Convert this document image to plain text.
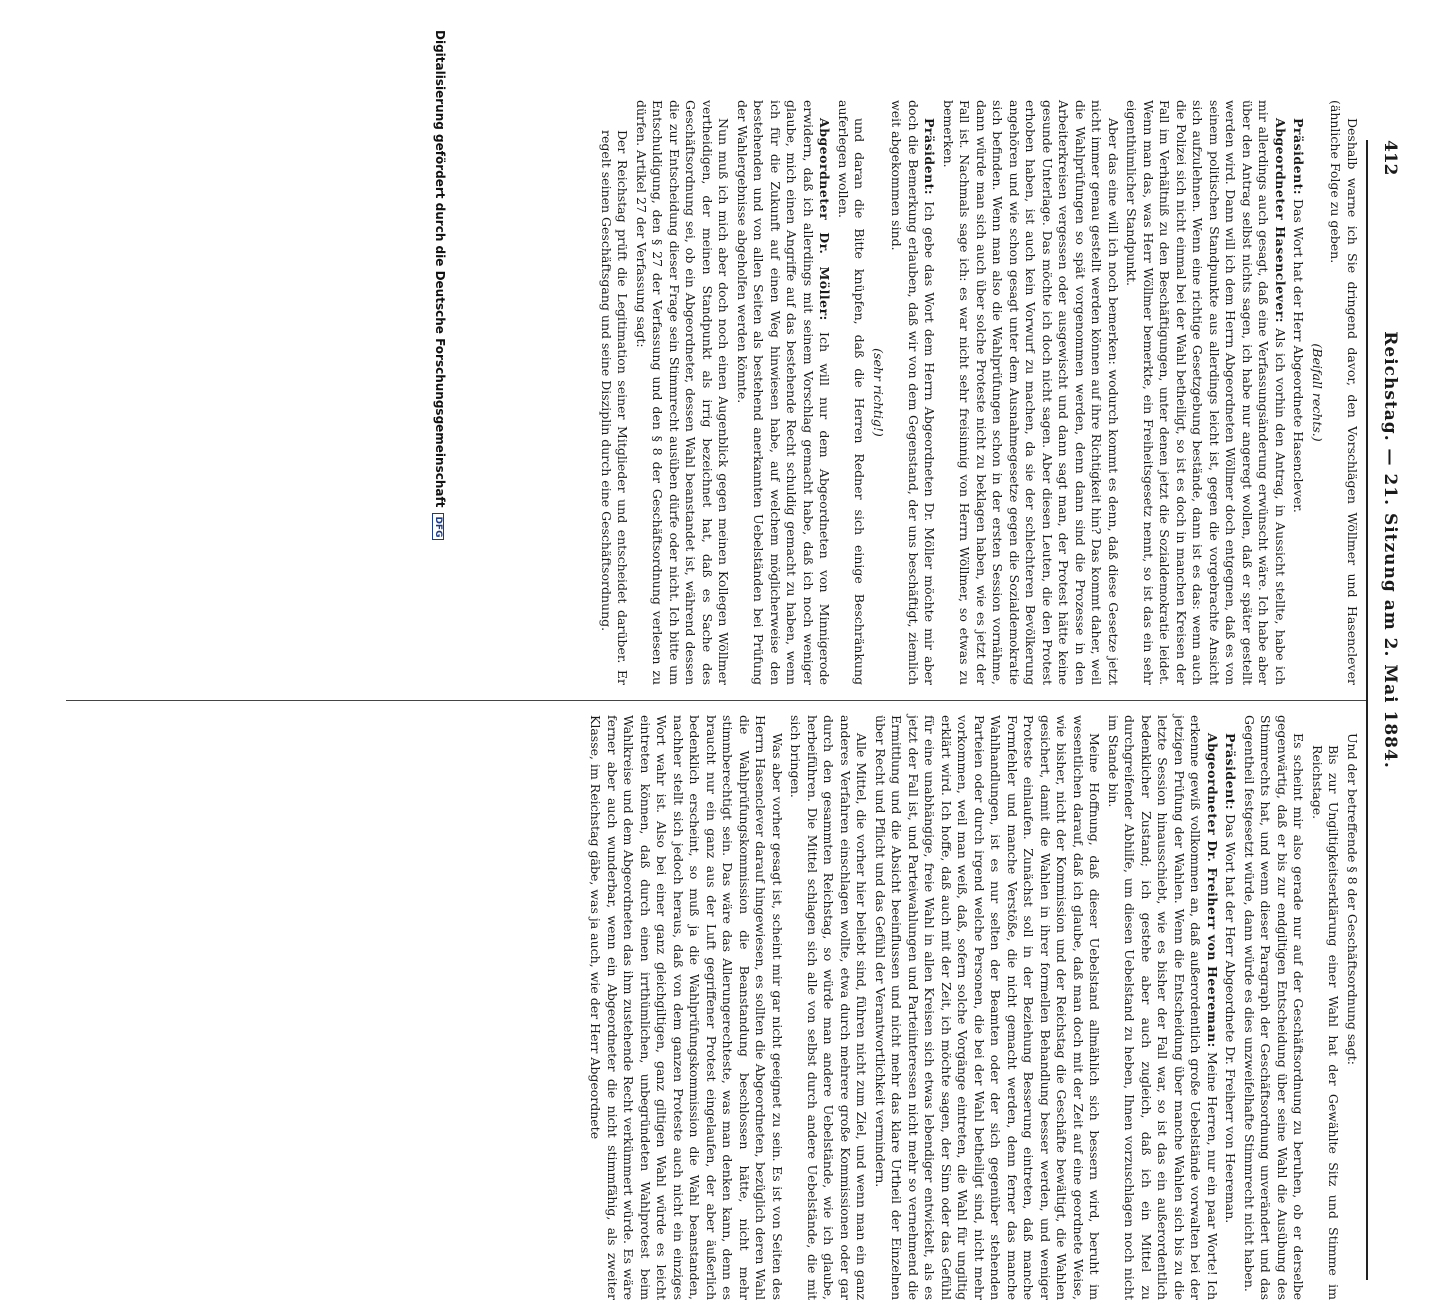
412
Reichstag. — 21. Sitzung am 2. Mai 1884.

Deshalb warne ich Sie dringend davor, den Vorschlägen Wöllmer und Hasenclever (ähnliche Folge zu geben.

(Beifall rechts.)

Präsident: Das Wort hat der Herr Abgeordnete Hasenclever.

Abgeordneter Hasenclever: Als ich vorhin den Antrag, in Aussicht stellte, habe ich mir allerdings auch gesagt, daß eine Verfassungsänderung erwünscht wäre. Ich habe aber über den Antrag selbst nichts sagen, ich habe nur angeregt wollen, daß er später gestellt werden wird. Dann will ich dem Herrn Abgeordneten Wöllmer doch entgegnen, daß es von seinem politischen Standpunkte aus allerdings leicht ist, gegen die vorgebrachte Ansicht sich aufzulehnen. Wenn eine richtige Gesetzgebung bestände, dann ist es das: wenn auch die Polizei sich nicht einmal bei der Wahl betheiligt, so ist es doch in manchen Kreisen der Fall im Verhältniß zu den Beschäftigungen, unter denen jetzt die Sozialdemokratie leidet. Wenn man das, was Herr Wöllmer bemerkte, ein Freiheitsgesetz nennt, so ist das ein sehr eigenthümlicher Standpunkt.

Aber das eine will ich noch bemerken: wodurch kommt es denn, daß diese Gesetze jetzt nicht immer genau gestellt werden können auf ihre Richtigkeit hin? Das kommt daher, weil die Wahlprüfungen so spät vorgenommen werden, denn dann sind die Prozesse in den Arbeiterkreisen vergessen oder ausgewischt und dann sagt man, der Protest hätte keine gesunde Unterlage. Das möchte ich doch nicht sagen. Aber diesen Leuten, die den Protest erhoben haben, ist auch kein Vorwurf zu machen, da sie der schlechteren Bevölkerung angehören und wie schon gesagt unter dem Ausnahmegesetze gegen die Sozialdemokratie sich befinden. Wenn man also die Wahlprüfungen schon in der ersten Session vornähme, dann würde man sich auch über solche Proteste nicht zu beklagen haben, wie es jetzt der Fall ist. Nachmals sage ich: es war nicht sehr freisinnig von Herrn Wöllmer, so etwas zu bemerken.

Präsident: Ich gebe das Wort dem Herrn Abgeordneten Dr. Möller möchte mir aber doch die Bemerkung erlauben, daß wir von dem Gegenstand, der uns beschäftigt, ziemlich weit abgekommen sind.

(sehr richtig!)

und daran die Bitte knüpfen, daß die Herren Redner sich einige Beschränkung auferlegen wollen.

Abgeordneter Dr. Möller: Ich will nur dem Abgeordneten von Minnigerode erwidern, daß ich allerdings mit seinem Vorschlag gemacht habe, daß ich noch weniger glaube, mich einen Angriffe auf das bestehende Recht schuldig gemacht zu haben, wenn ich für die Zukunft auf einen Weg hinwiesen habe, auf welchem möglicherweise den bestehenden und von allen Seiten als bestehend anerkannten Uebelständen bei Prüfung der Wahlergebnisse abgeholfen werden könnte.

Nun muß ich mich aber doch noch einen Augenblick gegen meinen Kollegen Wöllmer vertheidigen, der meinen Standpunkt als irrig bezeichnet hat, daß es Sache des Geschäftsordnung sei, ob ein Abgeordneter, dessen Wahl beanstandet ist, während dessen die zur Entscheidung dieser Frage sein Stimmrecht ausüben dürfe oder nicht. Ich bitte um Entschuldigung, den § 27 der Verfassung und den § 8 der Geschäftsordnung verlesen zu dürfen. Artikel 27 der Verfassung sagt:

Der Reichstag prüft die Legitimation seiner Mitglieder und entscheidet darüber. Er regelt seinen Geschäftsgang und seine Disziplin durch eine Geschäftsordnung.

Und der betreffende § 8 der Geschäftsordnung sagt:

Bis zur Ungiltigkeitserklärung einer Wahl hat der Gewählte Sitz und Stimme im Reichstage.

Es scheint mir also gerade nur auf der Geschäftsordnung zu beruhen, ob er derselbe gegenwärtig, daß er bis zur endgiltigen Entscheidung über seine Wahl die Ausübung des Stimmrechts hat, und wenn dieser Paragraph der Geschäftsordnung unverändert und das Gegentheil festgesetzt würde, dann würde es dies unzweifelhafte Stimmrecht nicht haben.

Präsident: Das Wort hat der Herr Abgeordnete Dr. Freiherr von Heereman.

Abgeordneter Dr. Freiherr von Heereman: Meine Herren, nur ein paar Worte! Ich erkenne gewiß vollkommen an, daß außerordentlich große Uebelstände vorwalten bei der jetzigen Prüfung der Wahlen. Wenn die Entscheidung über manche Wahlen sich bis zu die letzte Session hinausschiebt, wie es bisher der Fall war, so ist das ein außerordentlich bedenklicher Zustand; ich gestehe aber auch zugleich, daß ich ein Mittel zu durchgreifender Abhilfe, um diesen Uebelstand zu heben, Ihnen vorzuschlagen noch nicht im Stande bin.

Meine Hoffnung, daß dieser Uebelstand allmählich sich bessern wird, beruht im wesentlichen darauf, daß ich glaube, daß man doch mit der Zeit auf eine geordnete Weise, wie bisher, nicht der Kommission und der Reichstag die Geschäfte bewältigt, die Wahlen gesichert, damit die Wahlen in ihrer formellen Behandlung besser werden, und weniger Proteste einlaufen. Zunächst soll in der Beziehung Besserung eintreten, daß manche Formfehler und manche Verstöße, die nicht gemacht werden, denn ferner das manche Wahlhandlungen, ist es nur selten der Beamten oder der sich gegenüber stehenden Parteien oder durch irgend welche Personen, die bei der Wahl betheiligt sind, nicht mehr vorkommen, weil man weiß, daß, sofern solche Vorgänge eintreten, die Wahl für ungiltig erklärt wird. Ich hoffe, daß auch mit der Zeit, ich möchte sagen, der Sinn oder das Gefühl für eine unabhängige, freie Wahl in allen Kreisen sich etwas lebendiger entwickelt, als es jetzt der Fall ist, und Parteiwahlungen und Parteiinteressen nicht mehr so vernehmend die Ermittlung und die Absicht beeinflussen und nicht mehr das klare Urtheil der Einzelnen über Recht und Pflicht und das Gefühl der Verantwortlichkeit vermindern.

Alle Mittel, die vorher hier beliebt sind, führen nicht zum Ziel, und wenn man ein ganz anderes Verfahren einschlagen wollte, etwa durch mehrere große Kommissionen oder gar durch den gesammten Reichstag, so würde man andere Uebelstände, wie ich glaube, herbeiführen. Die Mittel schlagen sich alle von selbst durch andere Uebelstände, die mit sich bringen.

Was aber vorher gesagt ist, scheint mir gar nicht geeignet zu sein. Es ist von Seiten des Herrn Hasenclever darauf hingewiesen, es sollten die Abgeordneten, bezüglich deren Wahl die Wahlprüfungskommission die Beanstandung beschlossen hätte, nicht mehr stimmberechtigt sein. Das wäre das Allerungerechteste, was man denken kann, denn es braucht nur ein ganz aus der Luft gegriffener Protest eingelaufen, der aber äußerlich bedenklich erscheint, so muß ja die Wahlprüfungskommission die Wahl beanstanden, nachher stellt sich jedoch heraus, daß von dem ganzen Proteste auch nicht ein einziges Wort wahr ist. Also bei einer ganz gleichgiltigen, ganz giltigen Wahl würde es leicht eintreten können, daß durch einen irrthümlichen, unbegründeten Wahlprotest beim Wahlkreise und dem Abgeordneten das ihm zustehende Recht verkümmert würde. Es wäre ferner aber auch wunderbar, wenn ein Abgeordneter die nicht stimmfähig, als zweiter Klasse, im Reichstag gäbe, was ja auch, wie der Herr Abgeordnete

Digitalisierung gefördert durch die Deutsche ForschungsgemeinschaftDFG
